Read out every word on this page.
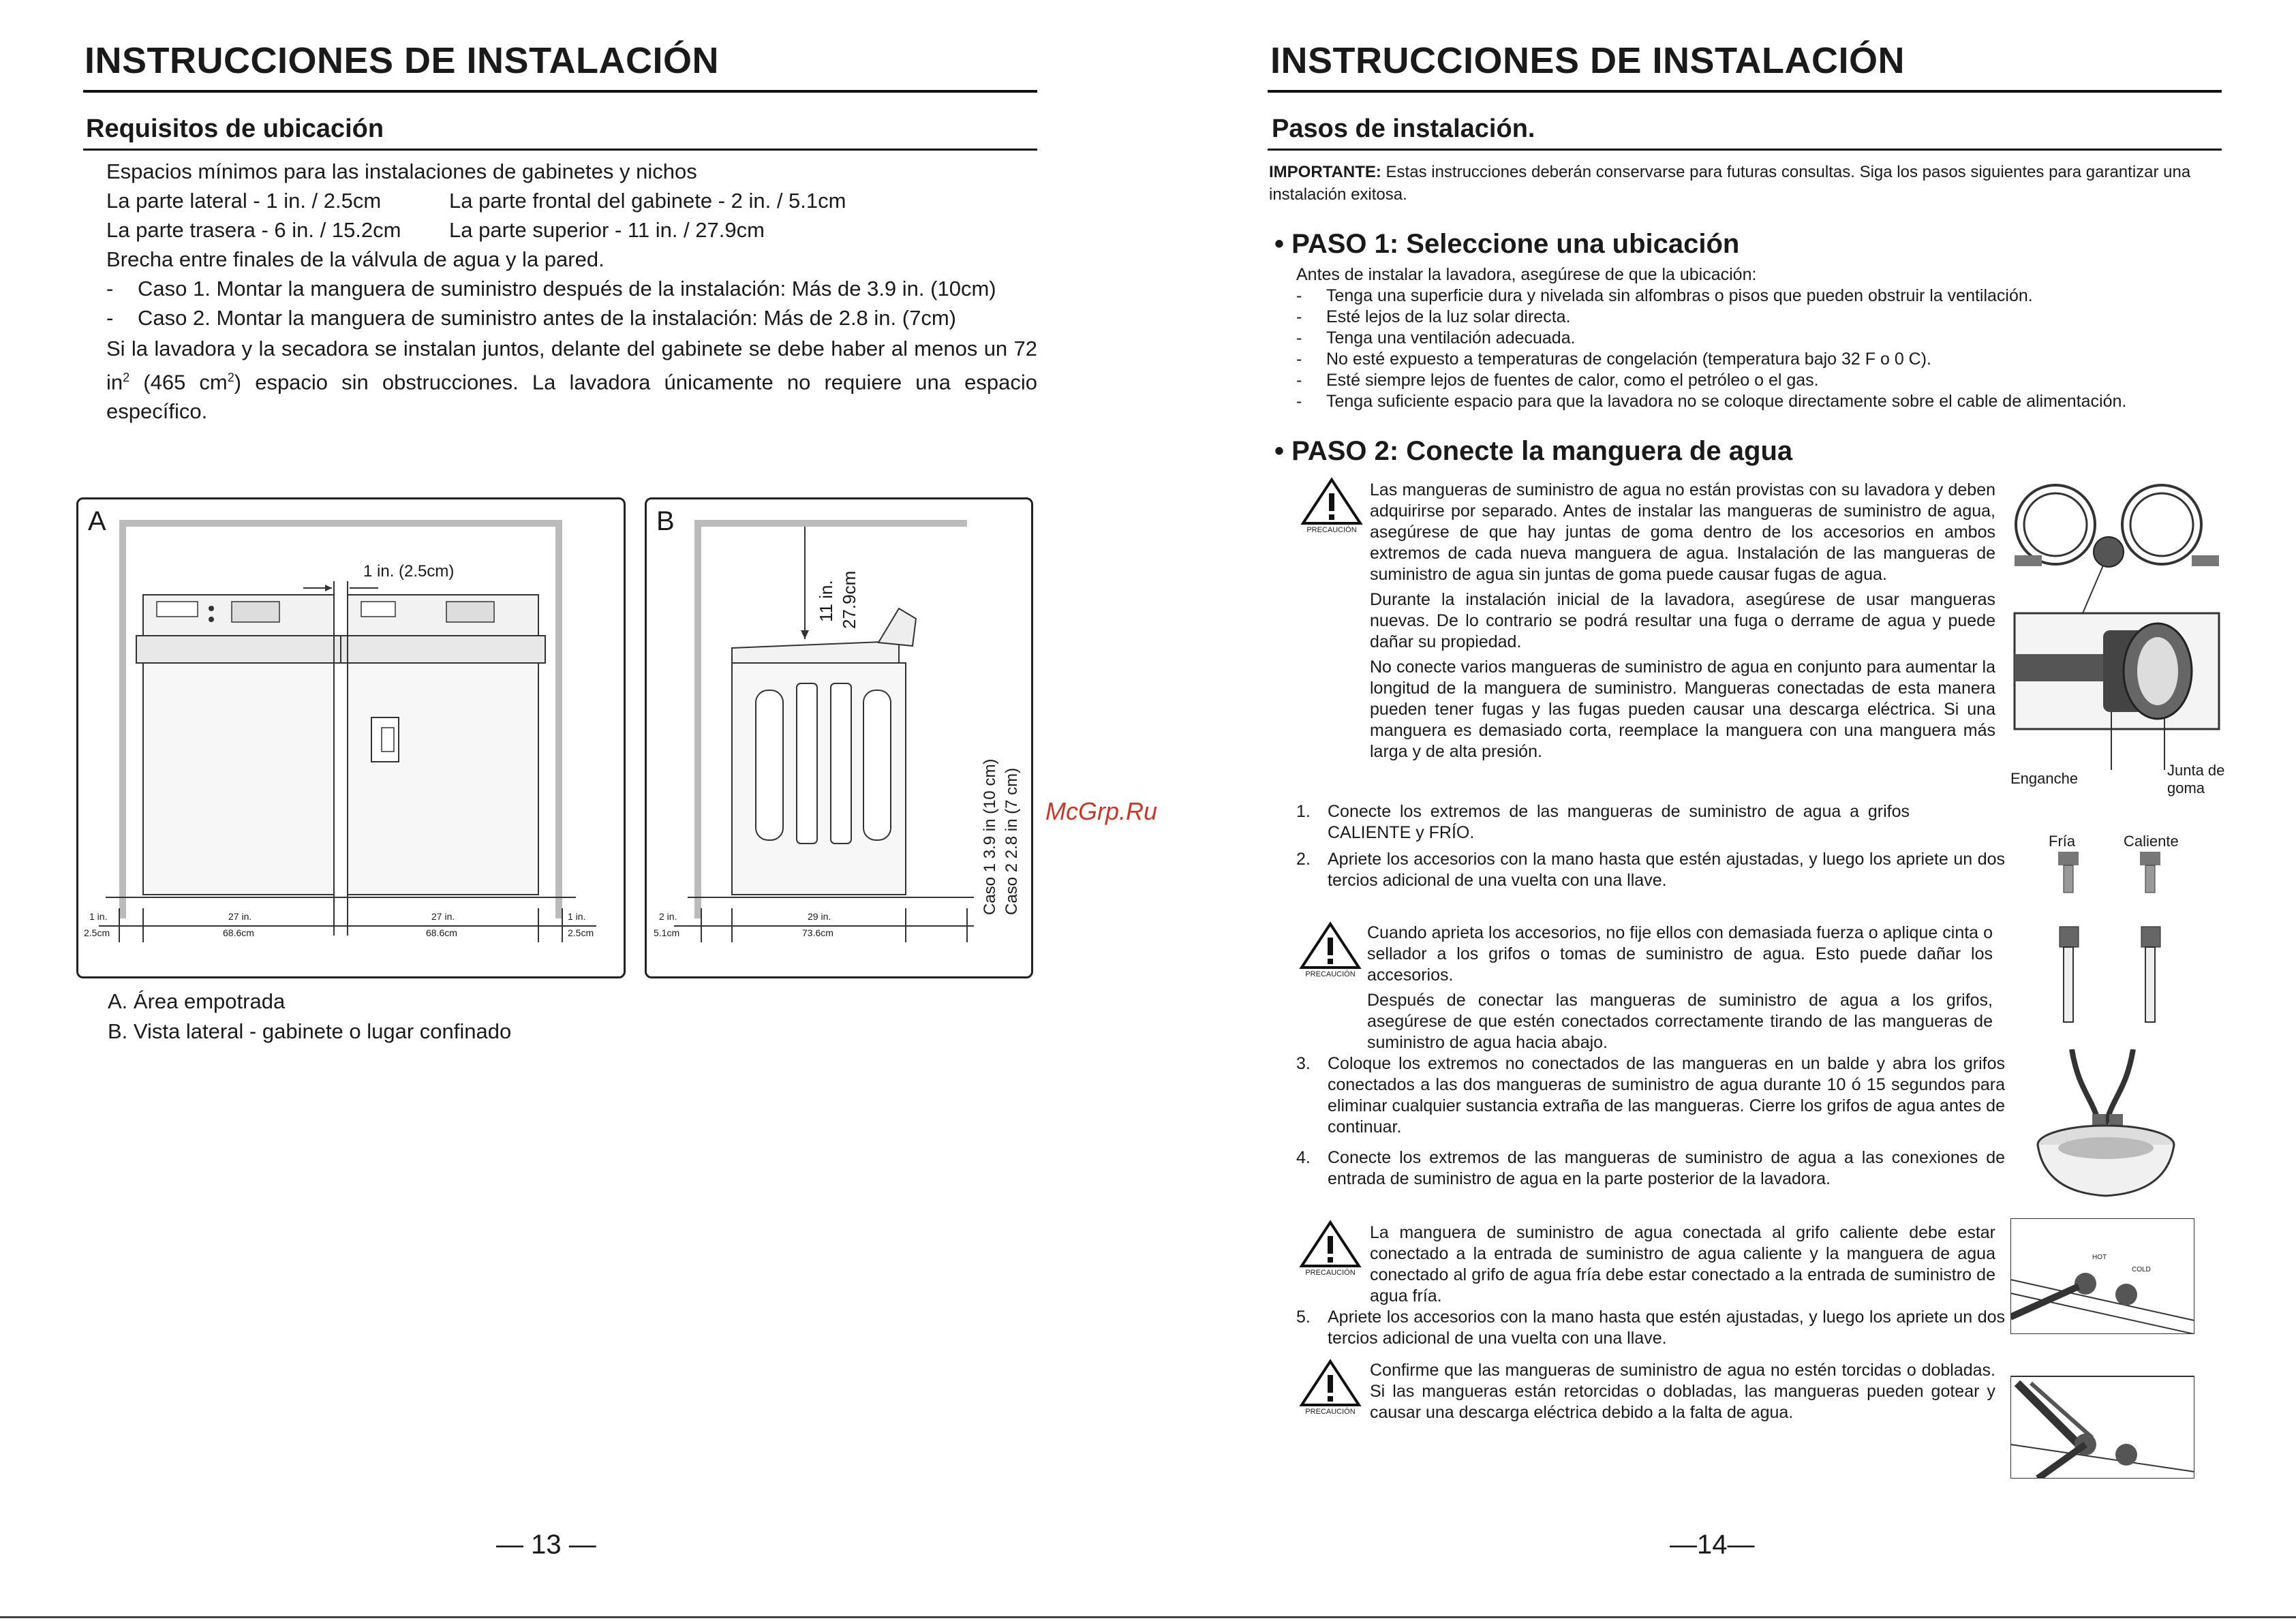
INSTRUCCIONES DE INSTALACIÓN
Requisitos de ubicación
Espacios mínimos para las instalaciones de gabinetes y nichos
La parte lateral - 1 in. / 2.5cm	La parte frontal del gabinete - 2 in. / 5.1cm
La parte trasera - 6 in. / 15.2cm	La parte superior - 11 in. / 27.9cm
Brecha entre finales de la válvula de agua y la pared.
-	Caso 1. Montar la manguera de suministro después de la instalación: Más de 3.9 in. (10cm)
-	Caso 2. Montar la manguera de suministro antes de la instalación: Más de 2.8 in. (7cm)
Si la lavadora y la secadora se instalan juntos, delante del gabinete se debe haber al menos un 72 $in^2$ (465 $cm^2$) espacio sin obstrucciones. La lavadora únicamente no requiere una espacio específico.
A
1 in. (2.5cm)
1 in.
2.5cm
27 in.
68.6cm
27 in.
68.6cm
1 in.
2.5cm
B
11 in. 27.9cm
Caso 1 3.9 in (10 cm) Caso 2 2.8 in (7 cm)
2 in.
5.1cm
29 in.
73.6cm
A. Área empotrada
B. Vista lateral - gabinete o lugar confinado
McGrp.Ru
— 13 —
INSTRUCCIONES DE INSTALACIÓN
Pasos de instalación.
IMPORTANTE: Estas instrucciones deberán conservarse para futuras consultas. Siga los pasos siguientes para garantizar una instalación exitosa.
• PASO 1: Seleccione una ubicación

Antes de instalar la lavadora, asegúrese de que la ubicación:

-	Tenga una superficie dura y nivelada sin alfombras o pisos que pueden obstruir la ventilación.
-	Esté lejos de la luz solar directa.
-	Tenga una ventilación adecuada.
-	No esté expuesto a temperaturas de congelación (temperatura bajo 32 F o 0 C).
-	Esté siempre lejos de fuentes de calor, como el petróleo o el gas.
-	Tenga suficiente espacio para que la lavadora no se coloque directamente sobre el cable de alimentación.
• PASO 2: Conecte la manguera de agua
PRECAUCIÓN

Las mangueras de suministro de agua no están provistas con su lavadora y deben adquirirse por separado. Antes de instalar las mangueras de suministro de agua, asegúrese de que hay juntas de goma dentro de los accesorios en ambos extremos de cada nueva manguera de agua. Instalación de las mangueras de suministro de agua sin juntas de goma puede causar fugas de agua.

Durante la instalación inicial de la lavadora, asegúrese de usar mangueras nuevas. De lo contrario se podrá resultar una fuga o derrame de agua y puede dañar su propiedad.

No conecte varios mangueras de suministro de agua en conjunto para aumentar la longitud de la manguera de suministro. Mangueras conectadas de esta manera pueden tener fugas y las fugas pueden causar una descarga eléctrica. Si una manguera es demasiado corta, reemplace la manguera con una manguera más larga y de alta presión.

Enganche	Junta de goma
1.	Conecte los extremos de las mangueras de suministro de agua a grifos CALIENTE y FRÍO.
2.	Apriete los accesorios con la mano hasta que estén ajustadas, y luego los apriete un dos tercios adicional de una vuelta con una llave.
Fría	Caliente
PRECAUCIÓN

Cuando aprieta los accesorios, no fije ellos con demasiada fuerza o aplique cinta o sellador a los grifos o tomas de suministro de agua. Esto puede dañar los accesorios.

Después de conectar las mangueras de suministro de agua a los grifos, asegúrese de que estén conectados correctamente tirando de las mangueras de suministro de agua hacia abajo.

3.	Coloque los extremos no conectados de las mangueras en un balde y abra los grifos conectados a las dos mangueras de suministro de agua durante 10 ó 15 segundos para eliminar cualquier sustancia extraña de las mangueras. Cierre los grifos de agua antes de continuar.
4.	Conecte los extremos de las mangueras de suministro de agua a las conexiones de entrada de suministro de agua en la parte posterior de la lavadora.
PRECAUCIÓN
La manguera de suministro de agua conectada al grifo caliente debe estar conectado a la entrada de suministro de agua caliente y la manguera de agua conectado al grifo de agua fría debe estar conectado a la entrada de suministro de agua fría.
HOT
COLD
5.	Apriete los accesorios con la mano hasta que estén ajustadas, y luego los apriete un dos tercios adicional de una vuelta con una llave.
PRECAUCIÓN
Confirme que las mangueras de suministro de agua no estén torcidas o dobladas. Si las mangueras están retorcidas o dobladas, las mangueras pueden gotear y causar una descarga eléctrica debido a la falta de agua.
—14—
